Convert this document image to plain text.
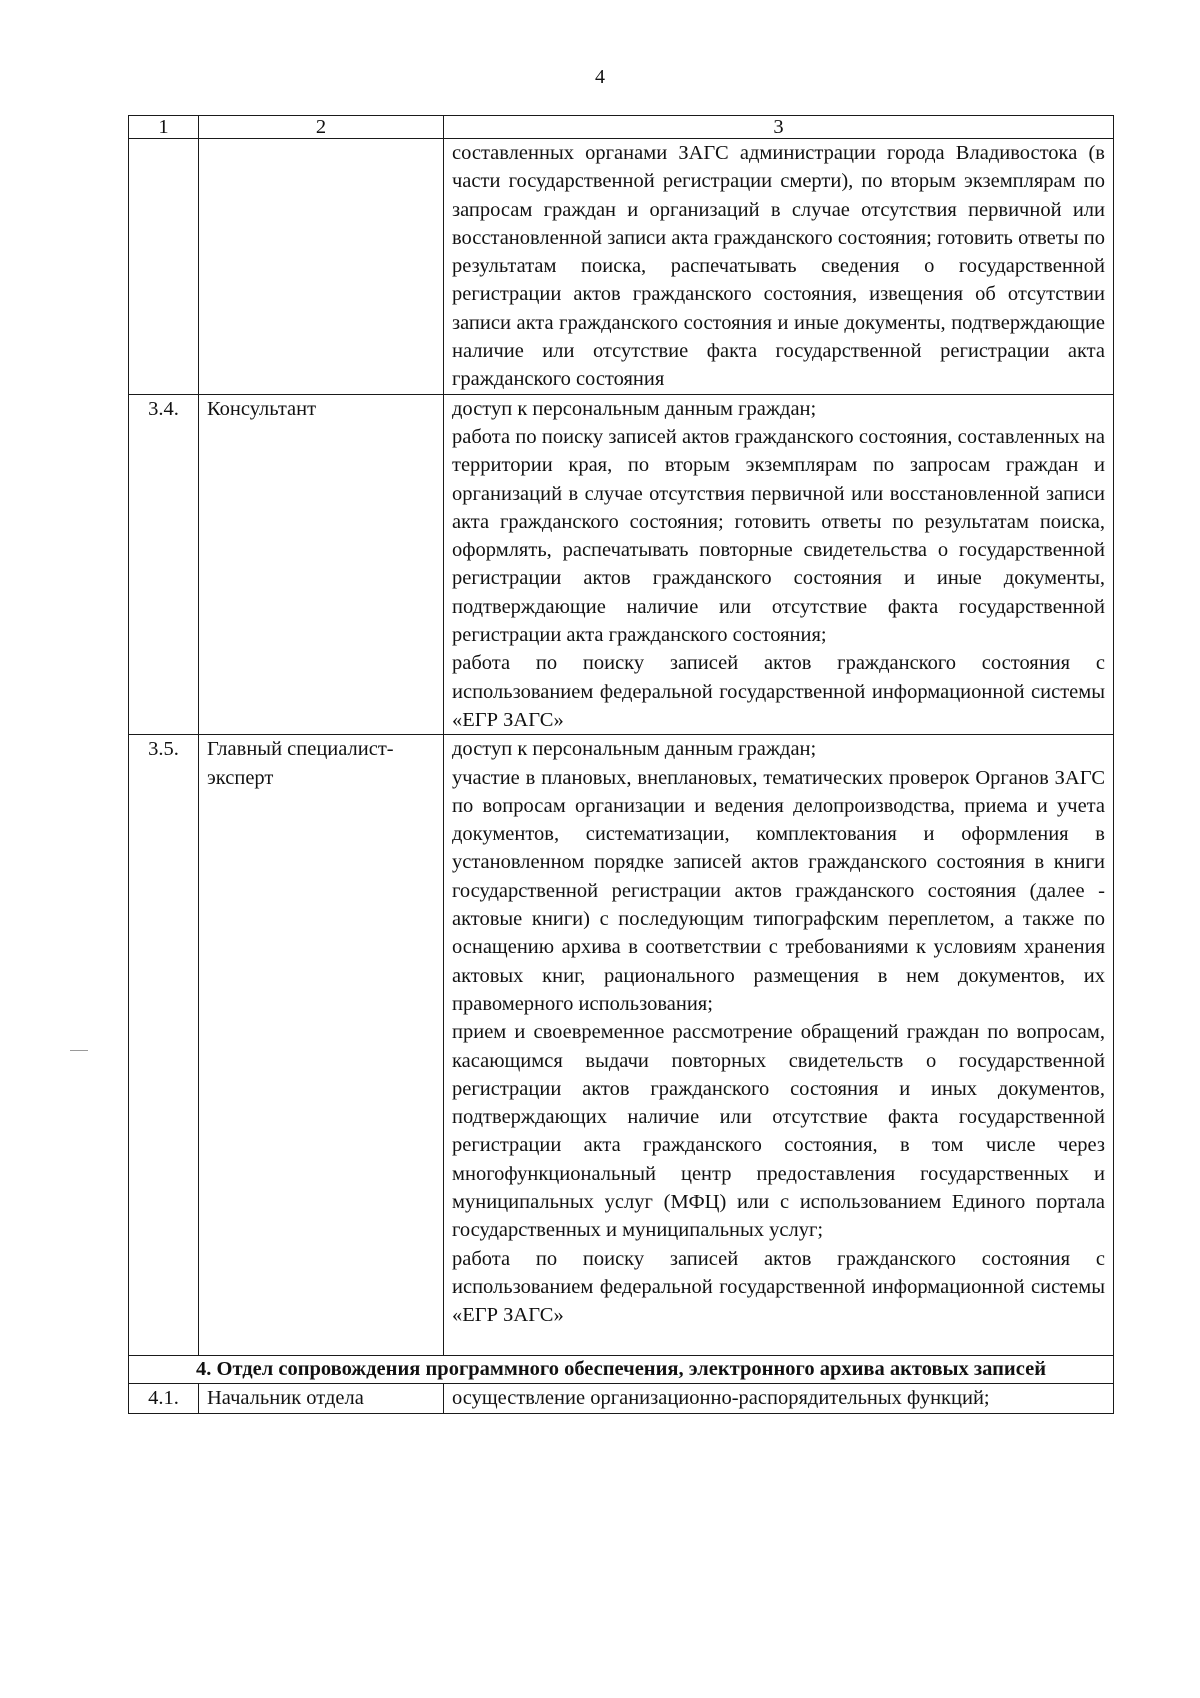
4
1	2	3

		составленных органами ЗАГС администрации города Владивостока (в части государственной регистрации смерти), по вторым экземплярам по запросам граждан и организаций в случае отсутствия первичной или восстановленной записи акта гражданского состояния; готовить ответы по результатам поиска, распечатывать сведения о государственной регистрации актов гражданского состояния, извещения об отсутствии записи акта гражданского состояния и иные документы, подтверждающие наличие или отсутствие факта государственной регистрации акта гражданского состояния

3.4.	Консультант	доступ к персональным данным граждан;

работа по поиску записей актов гражданского состояния, составленных на территории края, по вторым экземплярам по запросам граждан и организаций в случае отсутствия первичной или восстановленной записи акта гражданского состояния; готовить ответы по результатам поиска, оформлять, распечатывать повторные свидетельства о государственной регистрации актов гражданского состояния и иные документы, подтверждающие наличие или отсутствие факта государственной регистрации акта гражданского состояния;

работа по поиску записей актов гражданского состояния с использованием федеральной государственной информационной системы «ЕГР ЗАГС»

3.5.	Главный специалист-эксперт	доступ к персональным данным граждан;

участие в плановых, внеплановых, тематических проверок Органов ЗАГС по вопросам организации и ведения делопроизводства, приема и учета документов, систематизации, комплектования и оформления в установленном порядке записей актов гражданского состояния в книги государственной регистрации актов гражданского состояния (далее - актовые книги) с последующим типографским переплетом, а также по оснащению архива в соответствии с требованиями к условиям хранения актовых книг, рационального размещения в нем документов, их правомерного использования;

прием и своевременное рассмотрение обращений граждан по вопросам, касающимся выдачи повторных свидетельств о государственной регистрации актов гражданского состояния и иных документов, подтверждающих наличие или отсутствие факта государственной регистрации акта гражданского состояния, в том числе через многофункциональный центр предоставления государственных и муниципальных услуг (МФЦ) или с использованием Единого портала государственных и муниципальных услуг;

работа по поиску записей актов гражданского состояния с использованием федеральной государственной информационной системы «ЕГР ЗАГС»

4. Отдел сопровождения программного обеспечения, электронного архива актовых записей		
4.1.	Начальник отдела	осуществление организационно-распорядительных функций;
